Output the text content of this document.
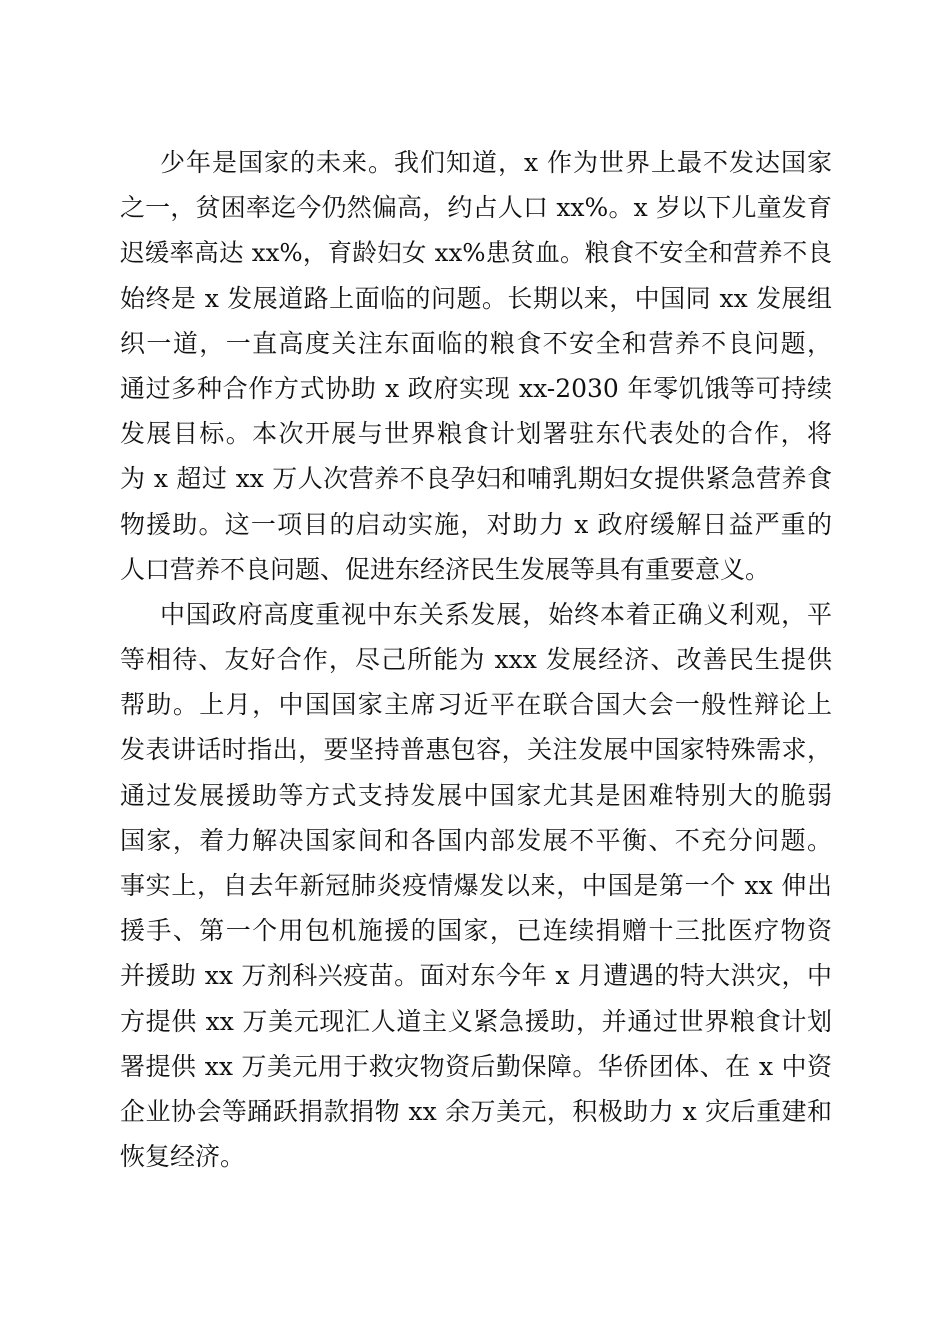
少年是国家的未来。我们知道，x 作为世界上最不发达国家
之一，贫困率迄今仍然偏高，约占人口 xx%。x 岁以下儿童发育
迟缓率高达 xx%，育龄妇女 xx%患贫血。粮食不安全和营养不良
始终是 x 发展道路上面临的问题。长期以来，中国同 xx 发展组
织一道，一直高度关注东面临的粮食不安全和营养不良问题，
通过多种合作方式协助 x 政府实现 xx-2030 年零饥饿等可持续
发展目标。本次开展与世界粮食计划署驻东代表处的合作，将
为 x 超过 xx 万人次营养不良孕妇和哺乳期妇女提供紧急营养食
物援助。这一项目的启动实施，对助力 x 政府缓解日益严重的
人口营养不良问题、促进东经济民生发展等具有重要意义。
中国政府高度重视中东关系发展，始终本着正确义利观，平
等相待、友好合作，尽己所能为 xxx 发展经济、改善民生提供
帮助。上月，中国国家主席习近平在联合国大会一般性辩论上
发表讲话时指出，要坚持普惠包容，关注发展中国家特殊需求，
通过发展援助等方式支持发展中国家尤其是困难特别大的脆弱
国家，着力解决国家间和各国内部发展不平衡、不充分问题。
事实上，自去年新冠肺炎疫情爆发以来，中国是第一个 xx 伸出
援手、第一个用包机施援的国家，已连续捐赠十三批医疗物资
并援助 xx 万剂科兴疫苗。面对东今年 x 月遭遇的特大洪灾，中
方提供 xx 万美元现汇人道主义紧急援助，并通过世界粮食计划
署提供 xx 万美元用于救灾物资后勤保障。华侨团体、在 x 中资
企业协会等踊跃捐款捐物 xx 余万美元，积极助力 x 灾后重建和
恢复经济。
